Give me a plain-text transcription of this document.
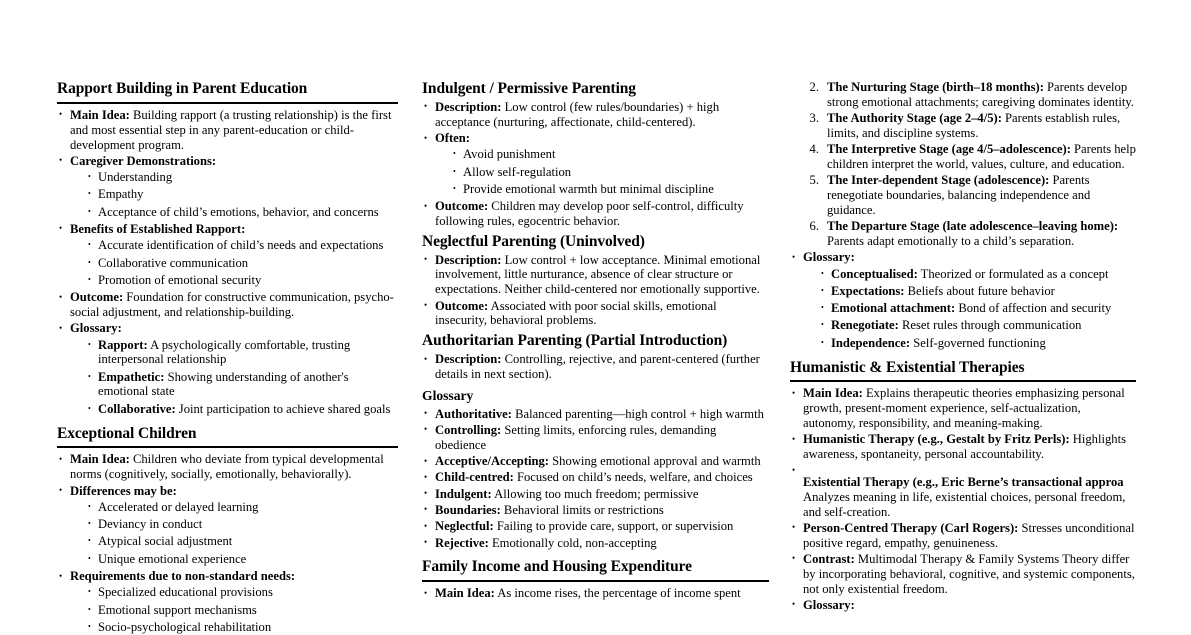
Rapport Building in Parent Education
• Main Idea: Building rapport (a trusting relationship) is the first and most essential step in any parent-education or child-development program.
• Caregiver Demonstrations:
• Understanding
• Empathy
• Acceptance of child’s emotions, behavior, and concerns
• Benefits of Established Rapport:
• Accurate identification of child’s needs and expectations
• Collaborative communication
• Promotion of emotional security
• Outcome: Foundation for constructive communication, psycho-social adjustment, and relationship-building.
• Glossary:
• Rapport: A psychologically comfortable, trusting interpersonal relationship
• Empathetic: Showing understanding of another's emotional state
• Collaborative: Joint participation to achieve shared goals
Exceptional Children
• Main Idea: Children who deviate from typical developmental norms (cognitively, socially, emotionally, behaviorally).
• Differences may be:
• Accelerated or delayed learning
• Deviancy in conduct
• Atypical social adjustment
• Unique emotional experience
• Requirements due to non-standard needs:
• Specialized educational provisions
• Emotional support mechanisms
• Socio-psychological rehabilitation
Indulgent / Permissive Parenting
• Description: Low control (few rules/boundaries) + high acceptance (nurturing, affectionate, child-centered).
• Often:
• Avoid punishment
• Allow self-regulation
• Provide emotional warmth but minimal discipline
• Outcome: Children may develop poor self-control, difficulty following rules, egocentric behavior.
Neglectful Parenting (Uninvolved)
• Description: Low control + low acceptance. Minimal emotional involvement, little nurturance, absence of clear structure or expectations. Neither child-centered nor emotionally supportive.
• Outcome: Associated with poor social skills, emotional insecurity, behavioral problems.
Authoritarian Parenting (Partial Introduction)
• Description: Controlling, rejective, and parent-centered (further details in next section).
Glossary
• Authoritative: Balanced parenting—high control + high warmth
• Controlling: Setting limits, enforcing rules, demanding obedience
• Acceptive/Accepting: Showing emotional approval and warmth
• Child-centred: Focused on child’s needs, welfare, and choices
• Indulgent: Allowing too much freedom; permissive
• Boundaries: Behavioral limits or restrictions
• Neglectful: Failing to provide care, support, or supervision
• Rejective: Emotionally cold, non-accepting
Family Income and Housing Expenditure
• Main Idea: As income rises, the percentage of income spent
2. The Nurturing Stage (birth–18 months): Parents develop strong emotional attachments; caregiving dominates identity.
3. The Authority Stage (age 2–4/5): Parents establish rules, limits, and discipline systems.
4. The Interpretive Stage (age 4/5–adolescence): Parents help children interpret the world, values, culture, and education.
5. The Inter-dependent Stage (adolescence): Parents renegotiate boundaries, balancing independence and guidance.
6. The Departure Stage (late adolescence–leaving home): Parents adapt emotionally to a child’s separation.
• Glossary:
• Conceptualised: Theorized or formulated as a concept
• Expectations: Beliefs about future behavior
• Emotional attachment: Bond of affection and security
• Renegotiate: Reset rules through communication
• Independence: Self-governed functioning
Humanistic & Existential Therapies
• Main Idea: Explains therapeutic theories emphasizing personal growth, present-moment experience, self-actualization, autonomy, responsibility, and meaning-making.
• Humanistic Therapy (e.g., Gestalt by Fritz Perls): Highlights awareness, spontaneity, personal accountability.
•
Existential Therapy (e.g., Eric Berne’s transactional approa
Analyzes meaning in life, existential choices, personal freedom, and self-creation.
• Person-Centred Therapy (Carl Rogers): Stresses unconditional positive regard, empathy, genuineness.
• Contrast: Multimodal Therapy & Family Systems Theory differ by incorporating behavioral, cognitive, and systemic components, not only existential freedom.
• Glossary:
